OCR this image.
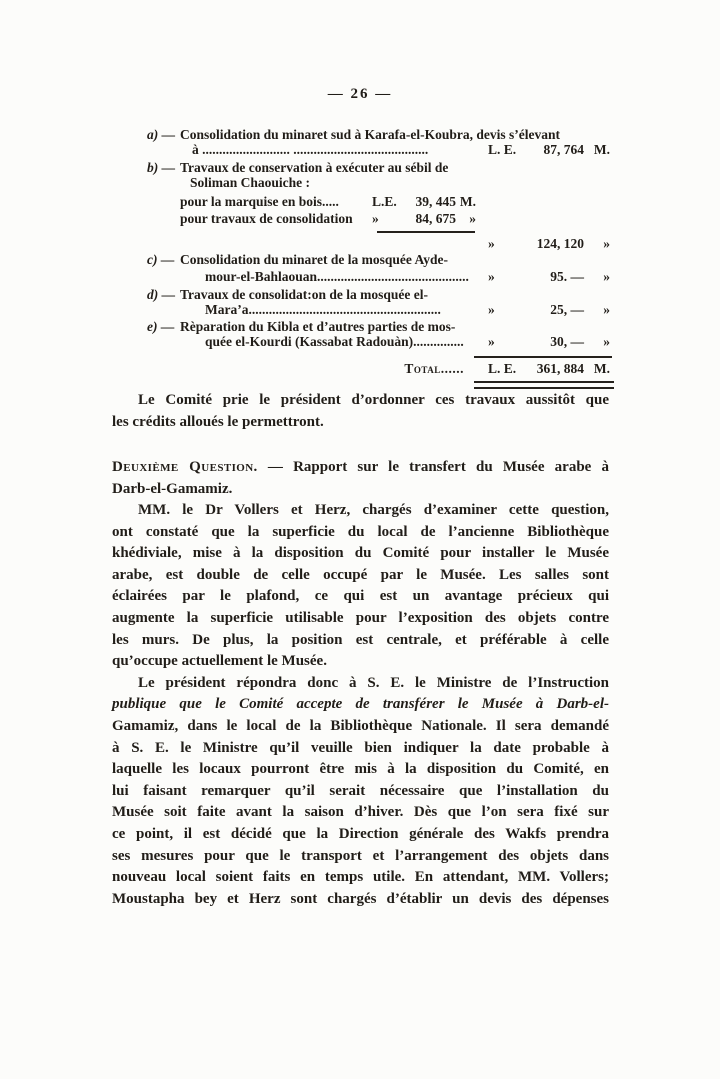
— 26 —
a) — Consolidation du minaret sud à Karafa-el-Koubra, devis s’élevant
à .......................... ........................................	L. E.	87, 764 M.
b) — Travaux de conservation à exécuter au sébil de
Soliman Chaouiche :
pour la marquise en bois.....	L.E.	39, 445 M.
pour travaux de consolidation	»	84, 675 »
»	124, 120	»
c) — Consolidation du minaret de la mosquée Ayde-
mour-el-Bahlaouan.............................................	»	95. —	»
d) — Travaux de consolidat:on de la mosquée el-
Mara’a.........................................................	»	25, —	»
e) — Rèparation du Kibla et d’autres parties de mos-
quée el-Kourdi (Kassabat Radouàn)...............	»	30, —	»
Total......	L. E.	361, 884 M.
Le Comité prie le président d’ordonner ces travaux aussitôt que
les crédits alloués le permettront.
Deuxième Question. — Rapport sur le transfert du Musée arabe à
Darb-el-Gamamiz.
MM. le Dr Vollers et Herz, chargés d’examiner cette question,
ont constaté que la superficie du local de l’ancienne Bibliothèque
khédiviale, mise à la disposition du Comité pour installer le Musée
arabe, est double de celle occupé par le Musée. Les salles sont
éclairées par le plafond, ce qui est un avantage précieux qui
augmente la superficie utilisable pour l’exposition des objets contre
les murs. De plus, la position est centrale, et préférable à celle
qu’occupe actuellement le Musée.
Le président répondra donc à S. E. le Ministre de l’Instruction
publique que le Comité accepte de transférer le Musée à Darb-el-
Gamamiz, dans le local de la Bibliothèque Nationale. Il sera demandé
à S. E. le Ministre qu’il veuille bien indiquer la date probable à
laquelle les locaux pourront être mis à la disposition du Comité, en
lui faisant remarquer qu’il serait nécessaire que l’installation du
Musée soit faite avant la saison d’hiver. Dès que l’on sera fixé sur
ce point, il est décidé que la Direction générale des Wakfs prendra
ses mesures pour que le transport et l’arrangement des objets dans
nouveau local soient faits en temps utile. En attendant, MM. Vollers;
Moustapha bey et Herz sont chargés d’établir un devis des dépenses
